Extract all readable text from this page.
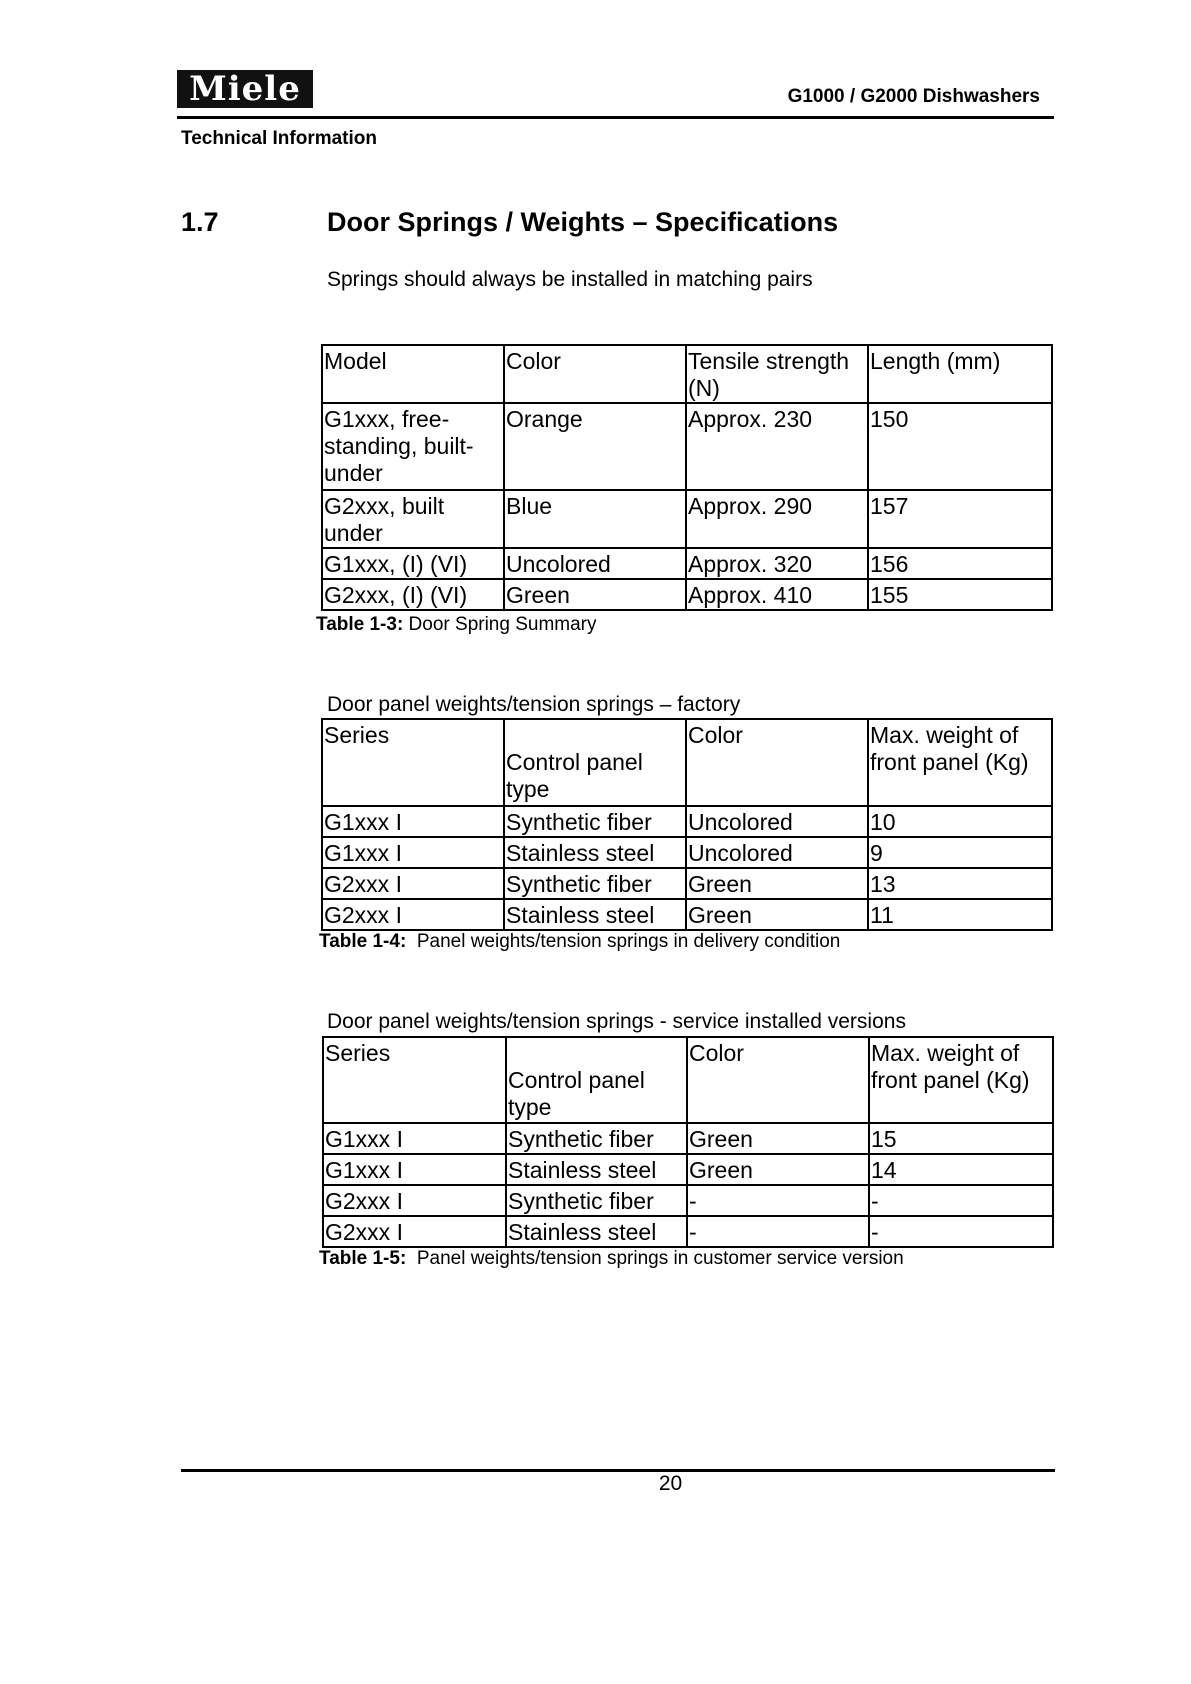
Miele	G1000 / G2000 Dishwashers
Technical Information
1.7	Door Springs / Weights – Specifications
Springs should always be installed in matching pairs
Model	Color	Tensile strength (N)	Length (mm)
G1xxx, free-standing, built-under	Orange	Approx. 230	150
G2xxx, built under	Blue	Approx. 290	157
G1xxx, (I) (VI)	Uncolored	Approx. 320	156
G2xxx, (I) (VI)	Green	Approx. 410	155
Table 1-3: Door Spring Summary
Door panel weights/tension springs – factory
Series	Control panel type	Color	Max. weight of front panel (Kg)
G1xxx I	Synthetic fiber	Uncolored	10
G1xxx I	Stainless steel	Uncolored	9
G2xxx I	Synthetic fiber	Green	13
G2xxx I	Stainless steel	Green	11
Table 1-4:  Panel weights/tension springs in delivery condition
Door panel weights/tension springs - service installed versions
Series	Control panel type	Color	Max. weight of front panel (Kg)
G1xxx I	Synthetic fiber	Green	15
G1xxx I	Stainless steel	Green	14
G2xxx I	Synthetic fiber	-	-
G2xxx I	Stainless steel	-	-
Table 1-5:  Panel weights/tension springs in customer service version
20
